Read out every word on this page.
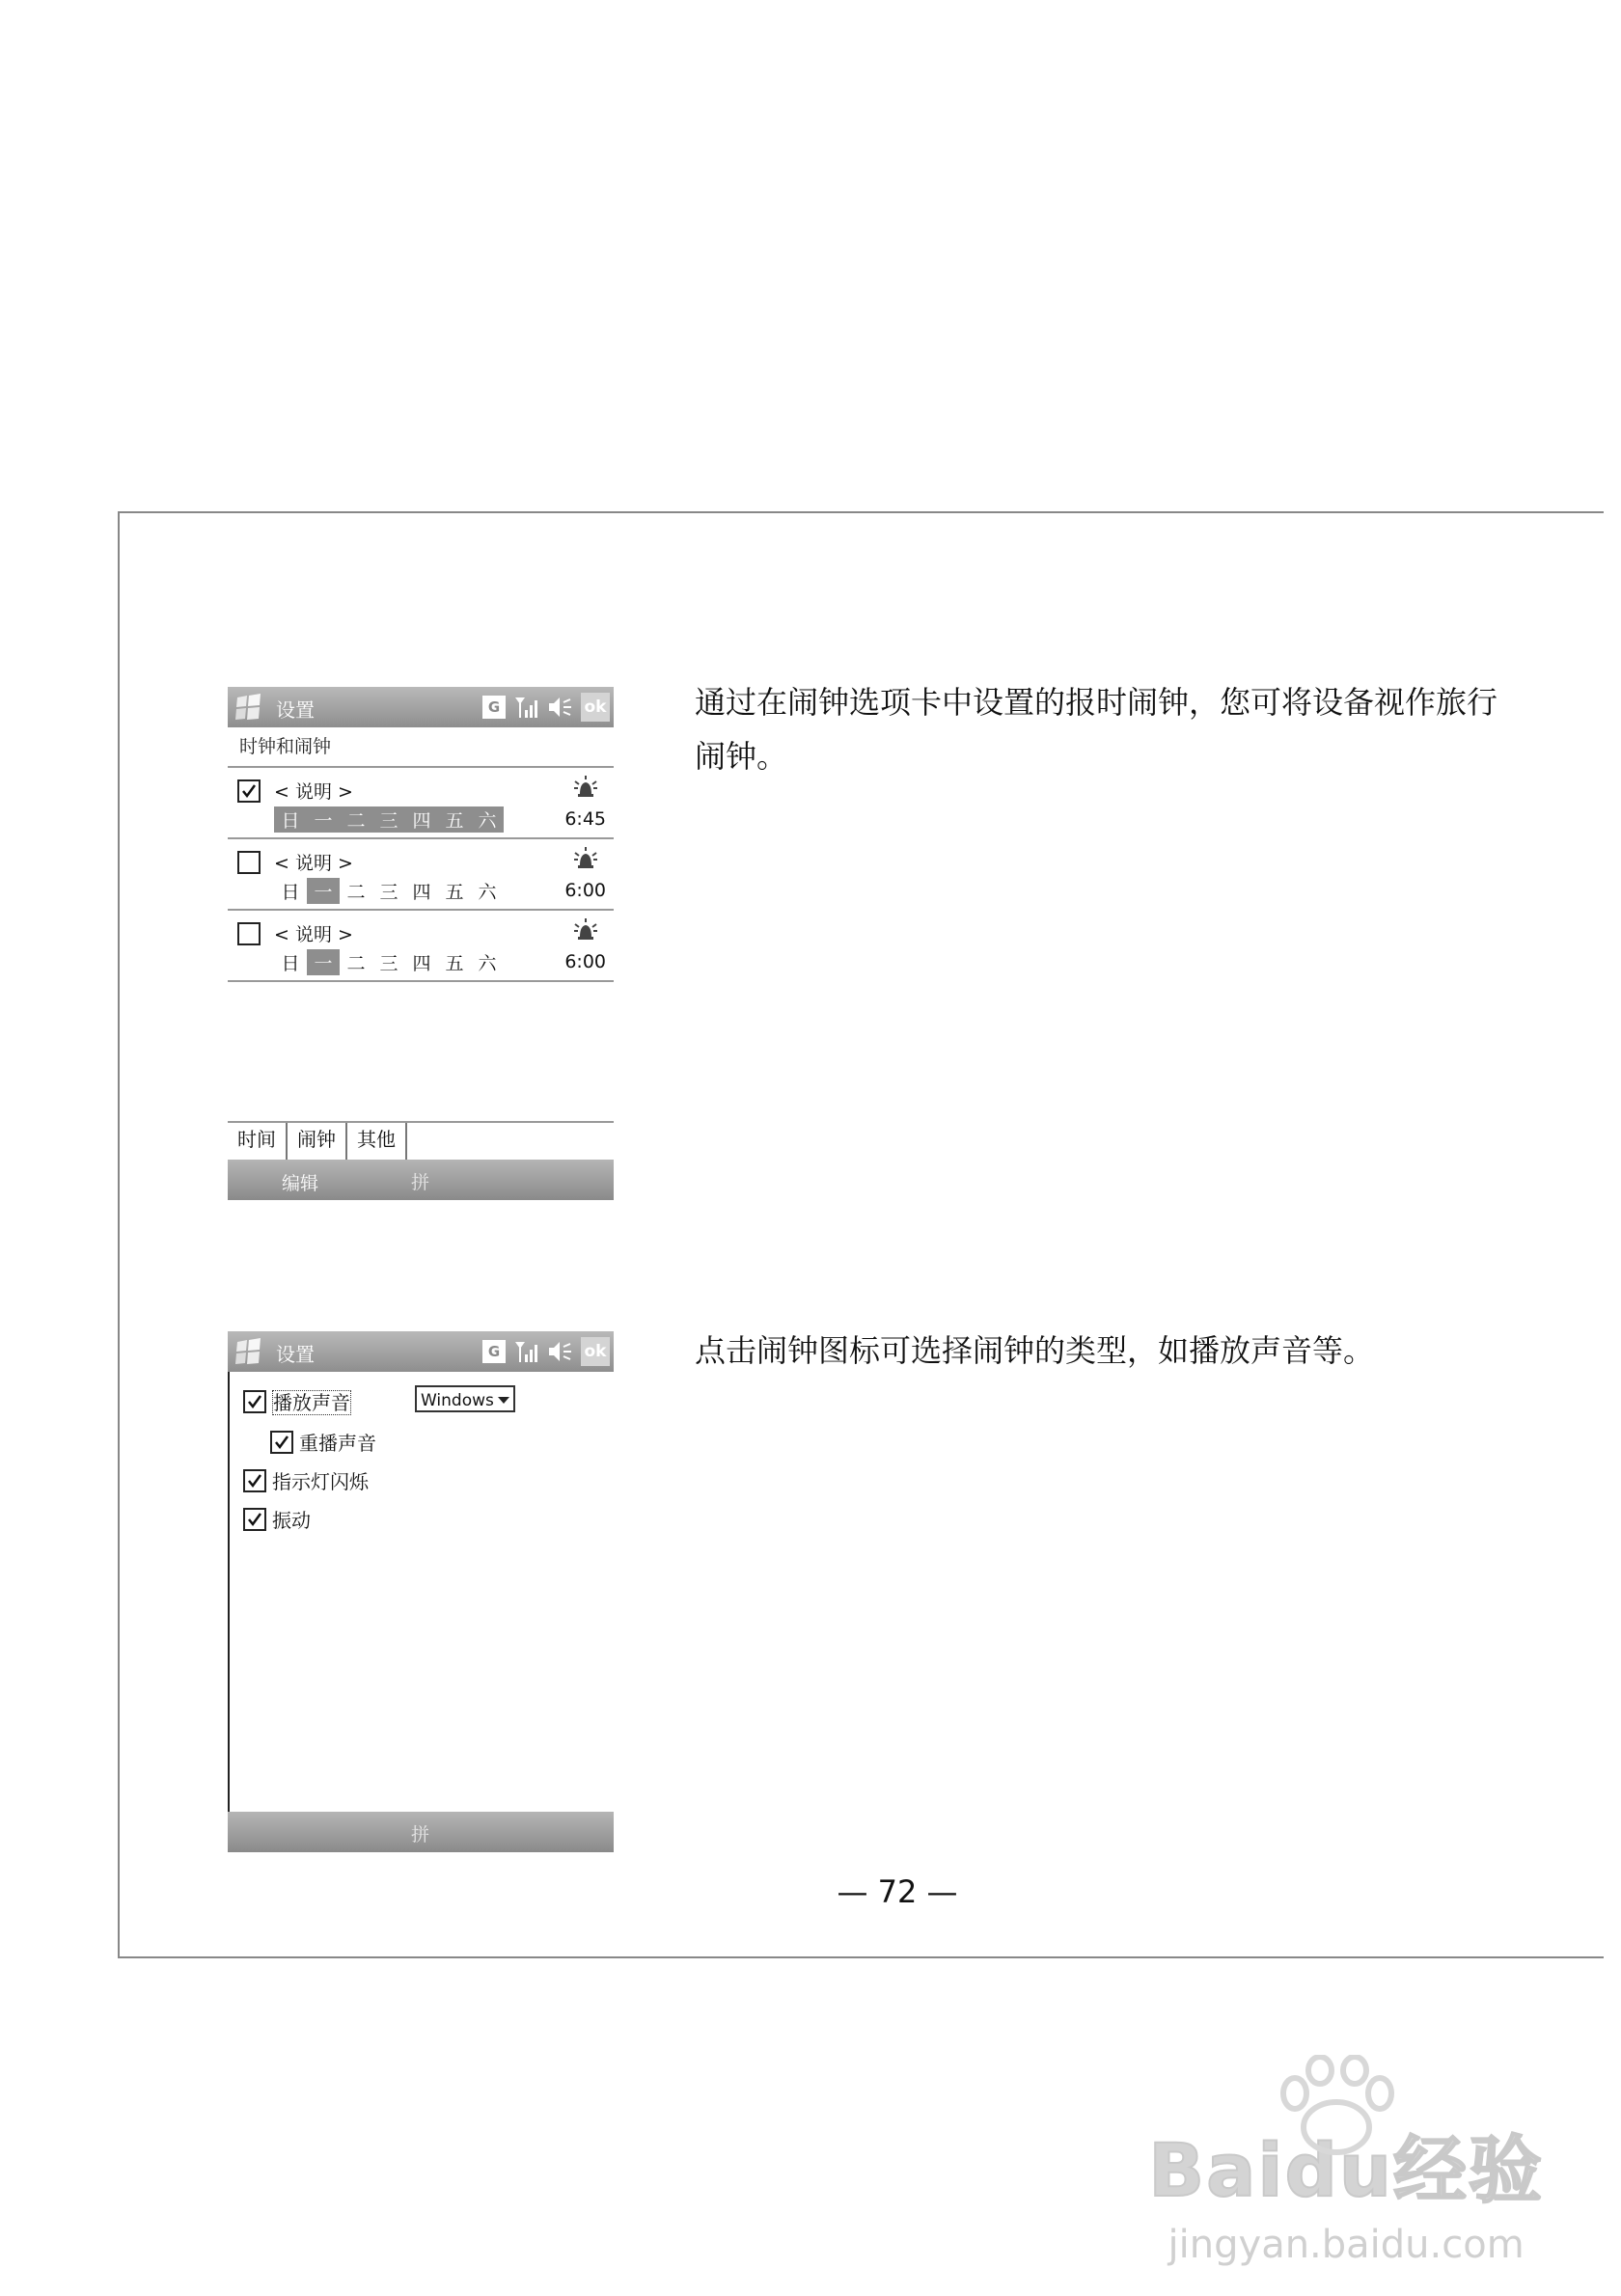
设置	G	ok
时钟和闹钟
< 说明 >
日 一 二 三 四 五 六	6:45
< 说明 >
日 一 二 三 四 五 六	6:00
< 说明 >
日 一 二 三 四 五 六	6:00
时间	闹钟	其他
编辑	拼
设置	G	ok
播放声音	Windows
重播声音
指示灯闪烁
振动
拼
通过在闹钟选项卡中设置的报时闹钟，您可将设备视作旅行闹钟。
点击闹钟图标可选择闹钟的类型，如播放声音等。
— 72 —
Baidu经验
jingyan.baidu.com
